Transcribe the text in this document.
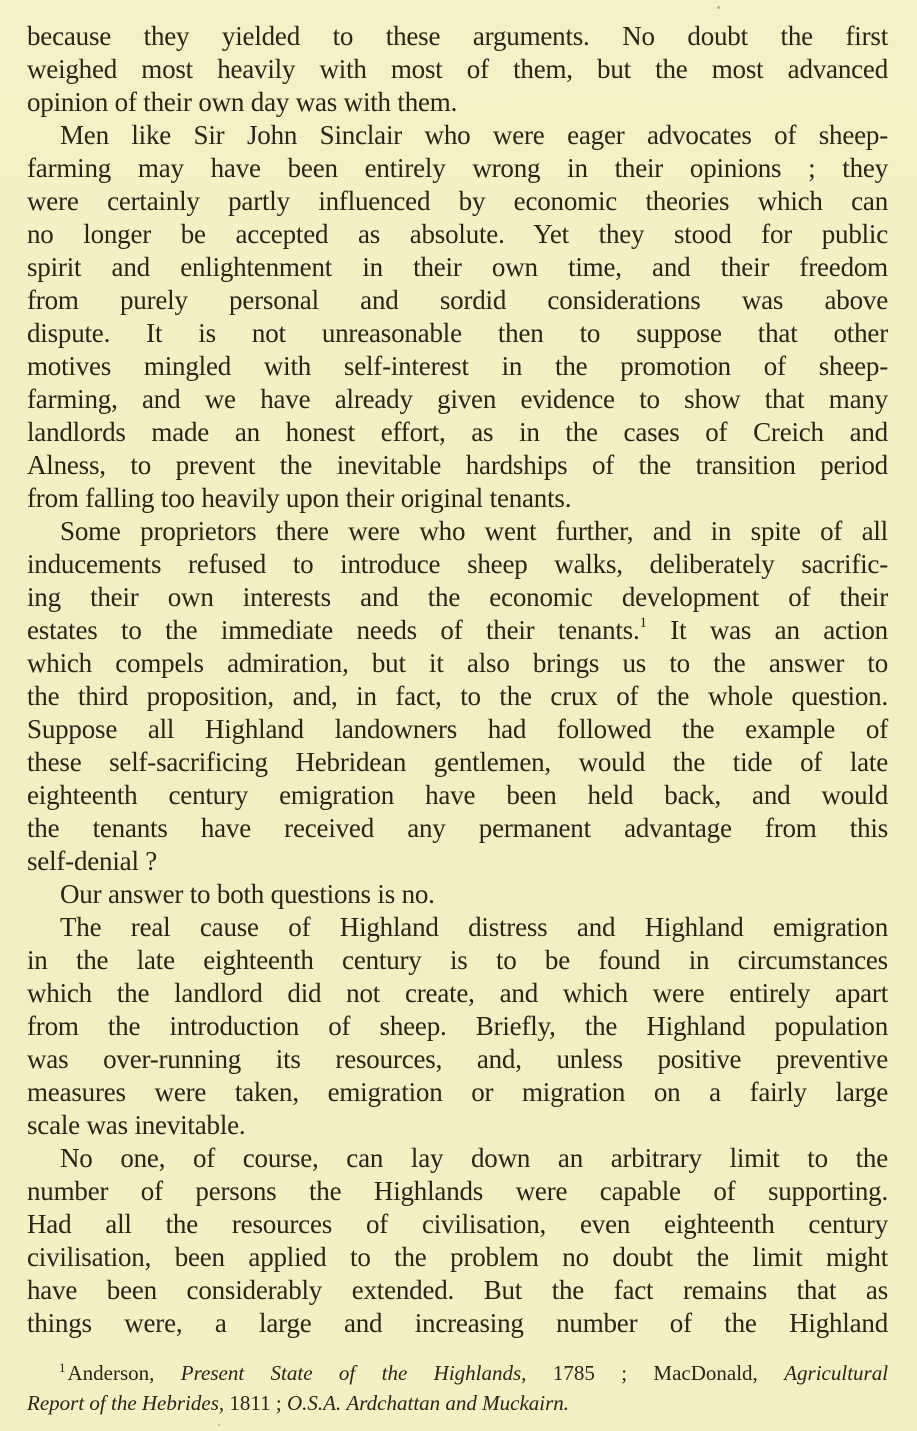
because they yielded to these arguments. No doubt the first
weighed most heavily with most of them, but the most advanced
opinion of their own day was with them.
Men like Sir John Sinclair who were eager advocates of sheep-
farming may have been entirely wrong in their opinions ; they
were certainly partly influenced by economic theories which can
no longer be accepted as absolute. Yet they stood for public
spirit and enlightenment in their own time, and their freedom
from purely personal and sordid considerations was above
dispute. It is not unreasonable then to suppose that other
motives mingled with self-interest in the promotion of sheep-
farming, and we have already given evidence to show that many
landlords made an honest effort, as in the cases of Creich and
Alness, to prevent the inevitable hardships of the transition period
from falling too heavily upon their original tenants.
Some proprietors there were who went further, and in spite of all
inducements refused to introduce sheep walks, deliberately sacrific-
ing their own interests and the economic development of their
estates to the immediate needs of their tenants.$^1$ It was an action
which compels admiration, but it also brings us to the answer to
the third proposition, and, in fact, to the crux of the whole question.
Suppose all Highland landowners had followed the example of
these self-sacrificing Hebridean gentlemen, would the tide of late
eighteenth century emigration have been held back, and would
the tenants have received any permanent advantage from this
self-denial ?
Our answer to both questions is no.
The real cause of Highland distress and Highland emigration
in the late eighteenth century is to be found in circumstances
which the landlord did not create, and which were entirely apart
from the introduction of sheep. Briefly, the Highland population
was over-running its resources, and, unless positive preventive
measures were taken, emigration or migration on a fairly large
scale was inevitable.
No one, of course, can lay down an arbitrary limit to the
number of persons the Highlands were capable of supporting.
Had all the resources of civilisation, even eighteenth century
civilisation, been applied to the problem no doubt the limit might
have been considerably extended. But the fact remains that as
things were, a large and increasing number of the Highland
$^1$Anderson, Present State of the Highlands, 1785 ; MacDonald, Agricultural
Report of the Hebrides, 1811 ; O.S.A. Ardchattan and Muckairn.
